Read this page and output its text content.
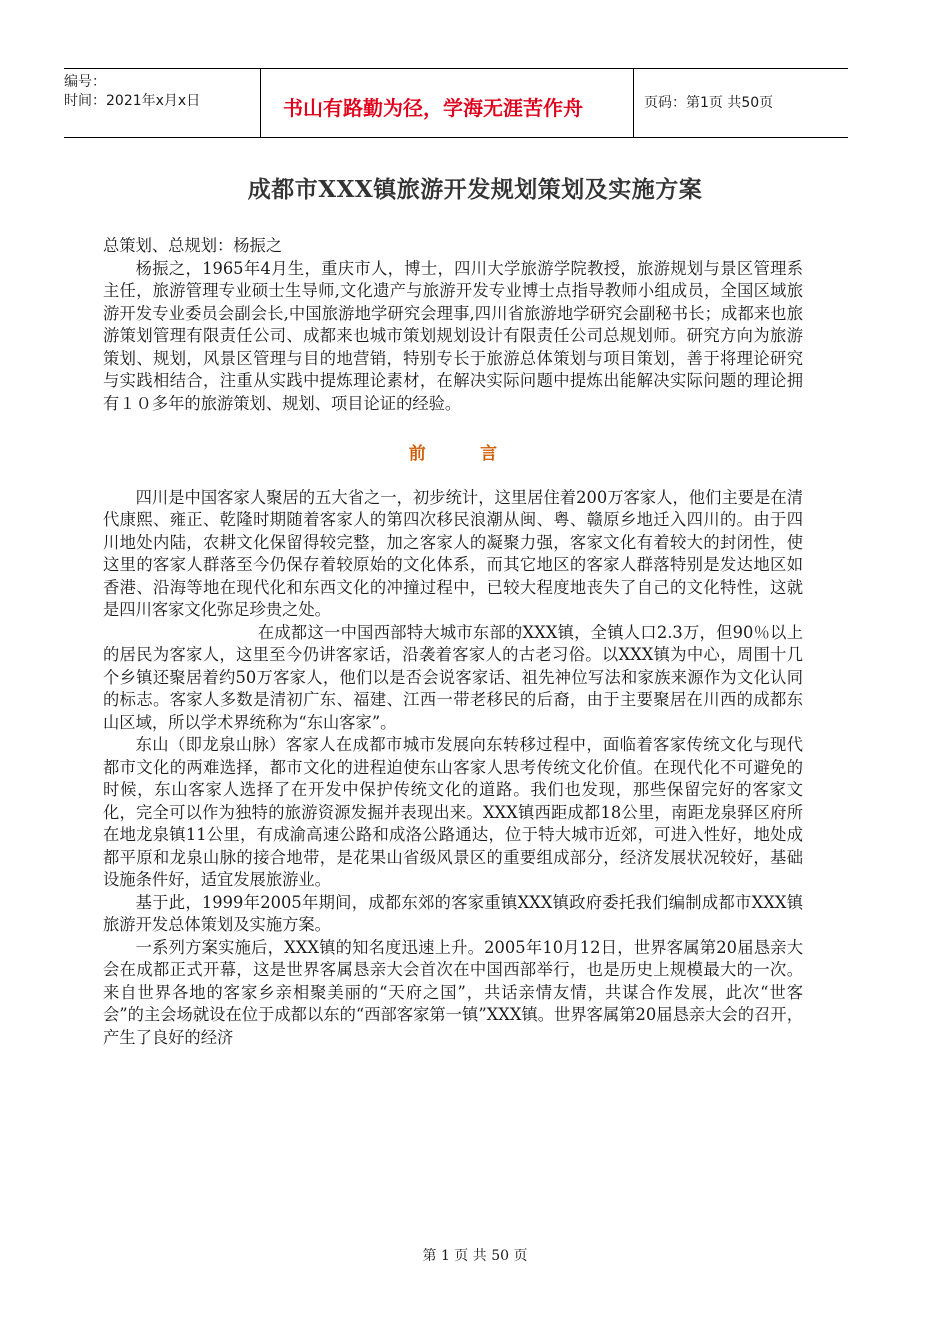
编号：
时间：2021年x月x日	书山有路勤为径，学海无涯苦作舟	页码：第1页 共50页
成都市XXX镇旅游开发规划策划及实施方案

总策划、总规划：杨振之

杨振之，1965年4月生，重庆市人，博士，四川大学旅游学院教授，旅游规划与景区管理系主任，旅游管理专业硕士生导师,文化遗产与旅游开发专业博士点指导教师小组成员，全国区域旅游开发专业委员会副会长,中国旅游地学研究会理事,四川省旅游地学研究会副秘书长；成都来也旅游策划管理有限责任公司、成都来也城市策划规划设计有限责任公司总规划师。研究方向为旅游策划、规划，风景区管理与目的地营销，特别专长于旅游总体策划与项目策划，善于将理论研究与实践相结合，注重从实践中提炼理论素材，在解决实际问题中提炼出能解决实际问题的理论拥有１０多年的旅游策划、规划、项目论证的经验。

前言

四川是中国客家人聚居的五大省之一，初步统计，这里居住着200万客家人，他们主要是在清代康熙、雍正、乾隆时期随着客家人的第四次移民浪潮从闽、粤、赣原乡地迁入四川的。由于四川地处内陆，农耕文化保留得较完整，加之客家人的凝聚力强，客家文化有着较大的封闭性，使这里的客家人群落至今仍保存着较原始的文化体系，而其它地区的客家人群落特别是发达地区如香港、沿海等地在现代化和东西文化的冲撞过程中，已较大程度地丧失了自己的文化特性，这就是四川客家文化弥足珍贵之处。

在成都这一中国西部特大城市东部的XXX镇，全镇人口2.3万，但90％以上的居民为客家人，这里至今仍讲客家话，沿袭着客家人的古老习俗。以XXX镇为中心，周围十几个乡镇还聚居着约50万客家人，他们以是否会说客家话、祖先神位写法和家族来源作为文化认同的标志。客家人多数是清初广东、福建、江西一带老移民的后裔，由于主要聚居在川西的成都东山区域，所以学术界统称为“东山客家”。

东山（即龙泉山脉）客家人在成都市城市发展向东转移过程中，面临着客家传统文化与现代都市文化的两难选择，都市文化的进程迫使东山客家人思考传统文化价值。在现代化不可避免的时候，东山客家人选择了在开发中保护传统文化的道路。我们也发现，那些保留完好的客家文化，完全可以作为独特的旅游资源发掘并表现出来。XXX镇西距成都18公里，南距龙泉驿区府所在地龙泉镇11公里，有成渝高速公路和成洛公路通达，位于特大城市近郊，可进入性好，地处成都平原和龙泉山脉的接合地带，是花果山省级风景区的重要组成部分，经济发展状况较好，基础设施条件好，适宜发展旅游业。

基于此，1999年2005年期间，成都东郊的客家重镇XXX镇政府委托我们编制成都市XXX镇旅游开发总体策划及实施方案。

一系列方案实施后，XXX镇的知名度迅速上升。2005年10月12日，世界客属第20届恳亲大会在成都正式开幕，这是世界客属恳亲大会首次在中国西部举行，也是历史上规模最大的一次。来自世界各地的客家乡亲相聚美丽的“天府之国”，共话亲情友情，共谋合作发展，此次“世客会”的主会场就设在位于成都以东的“西部客家第一镇”XXX镇。世界客属第20届恳亲大会的召开，产生了良好的经济

第 1 页 共 50 页
